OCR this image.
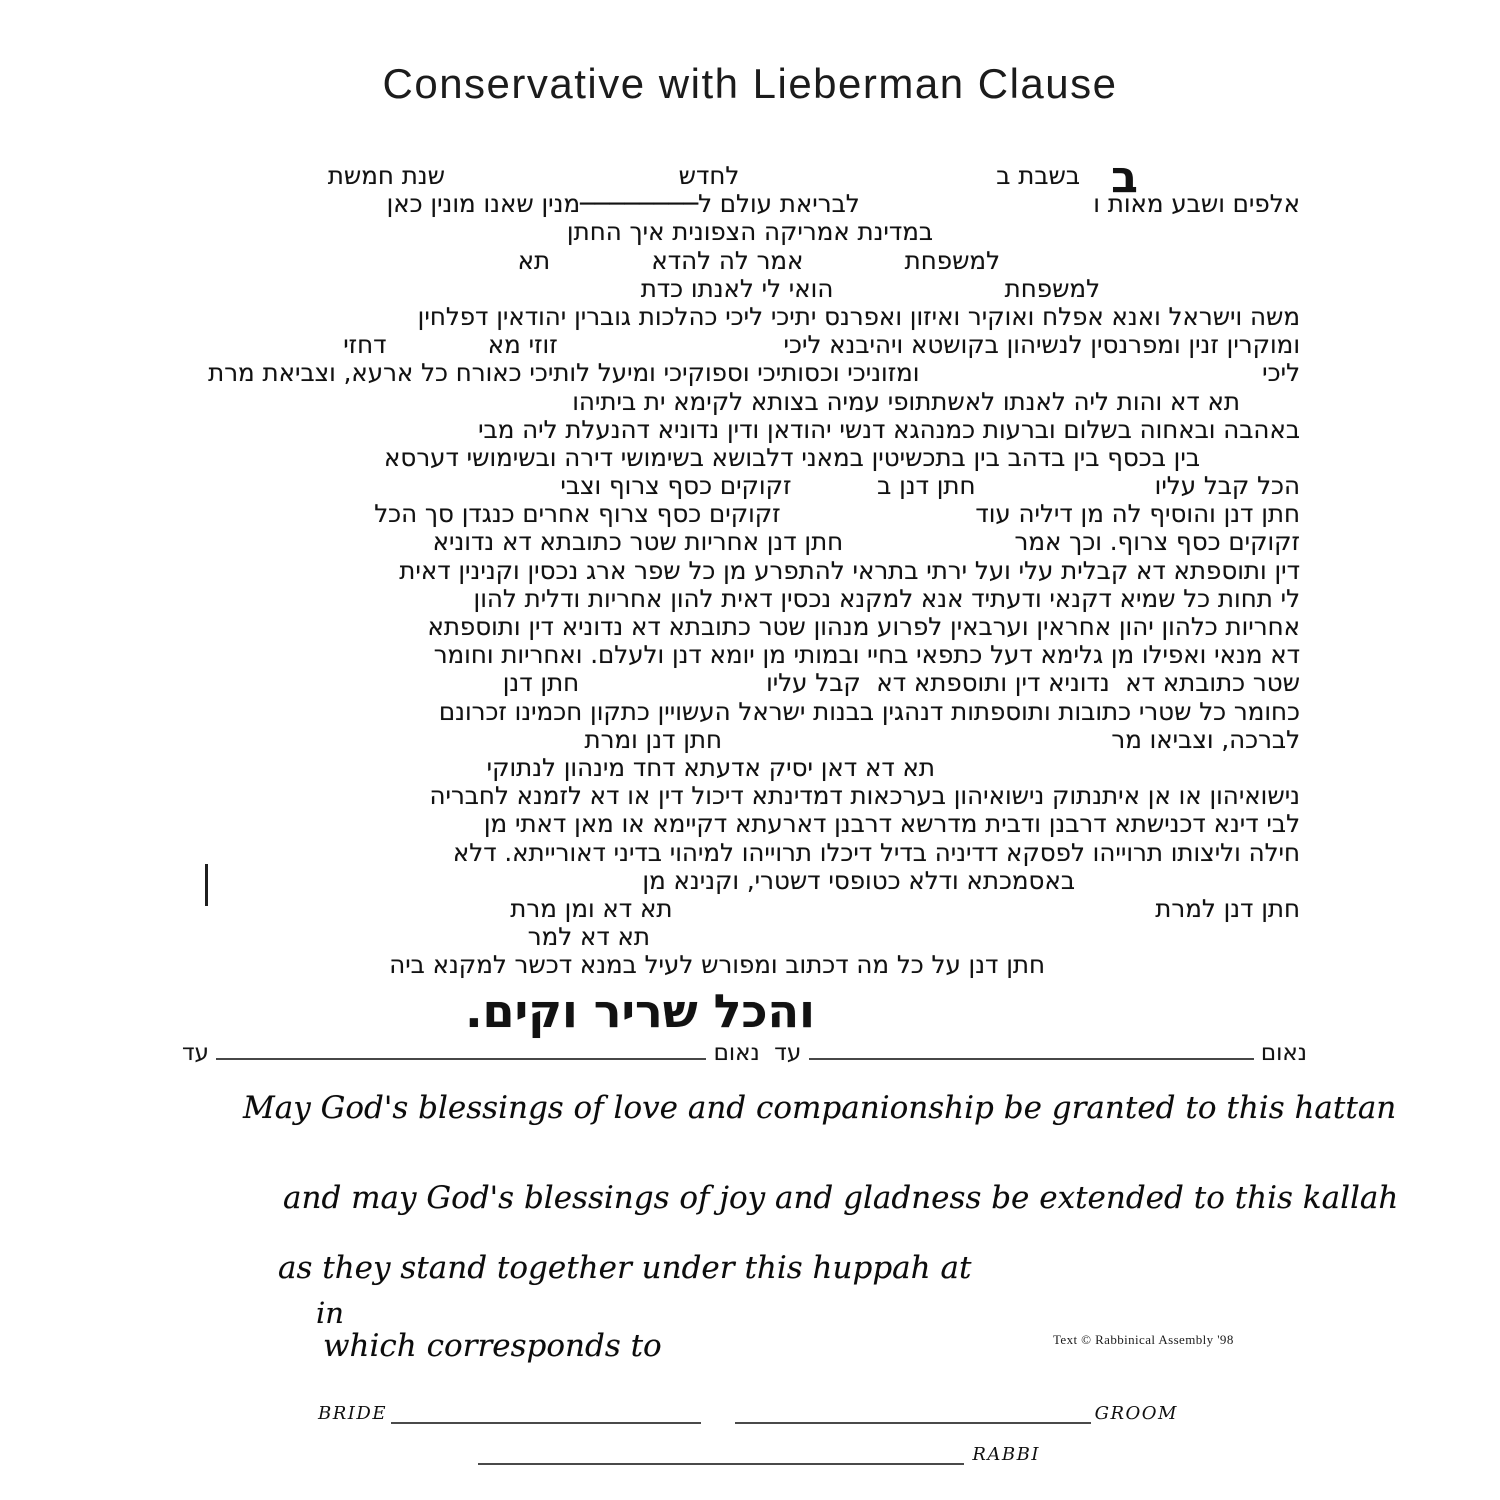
Conservative with Lieberman Clause
ב    בשבת ב                                 לחדש                              שנת חמשת
אלפים ושבע מאות ו                              לבריאת עולם ל────────מנין שאנו מונין כאן
במדינת אמריקה הצפונית איך החתן
למשפחת             אמר לה להדא             תא
למשפחת                      הואי לי לאנתו כדת
משה וישראל ואנא אפלח ואוקיר ואיזון ואפרנס יתיכי ליכי כהלכות גוברין יהודאין דפלחין
ומוקרין זנין ומפרנסין לנשיהון בקושטא ויהיבנא ליכי                             זוזי מא             דחזי
ליכי                                            ומזוניכי וכסותיכי וספוקיכי ומיעל לותיכי כאורח כל ארעא, וצביאת מרת
תא דא והות ליה לאנתו לאשתתופי עמיה בצותא לקימא ית ביתיהו
באהבה ובאחוה בשלום וברעות כמנהגא דנשי יהודאן ודין נדוניא דהנעלת ליה מבי
בין בכסף בין בדהב בין בתכשיטין במאני דלבושא בשימושי דירה ובשימושי דערסא
הכל קבל עליו                       חתן דנן ב           זקוקים כסף צרוף וצבי
חתן דנן והוסיף לה מן דיליה עוד                         זקוקים כסף צרוף אחרים כנגדן סך הכל
זקוקים כסף צרוף. וכך אמר                      חתן דנן אחריות שטר כתובתא דא נדוניא
דין ותוספתא דא קבלית עלי ועל ירתי בתראי להתפרע מן כל שפר ארג נכסין וקנינין דאית
לי תחות כל שמיא דקנאי ודעתיד אנא למקנא נכסין דאית להון אחריות ודלית להון
אחריות כלהון יהון אחראין וערבאין לפרוע מנהון שטר כתובתא דא נדוניא דין ותוספתא
דא מנאי ואפילו מן גלימא דעל כתפאי בחיי ובמותי מן יומא דנן ולעלם. ואחריות וחומר
שטר כתובתא דא  נדוניא דין ותוספתא דא  קבל עליו                        חתן דנן
כחומר כל שטרי כתובות ותוספתות דנהגין בבנות ישראל העשויין כתקון חכמינו זכרונם
לברכה, וצביאו מר                                                  חתן דנן ומרת
תא דא דאן יסיק אדעתא דחד מינהון לנתוקי
נישואיהון או אן איתנתוק נישואיהון בערכאות דמדינתא דיכול דין או דא לזמנא לחבריה
לבי דינא דכנישתא דרבנן ודבית מדרשא דרבנן דארעתא דקיימא או מאן דאתי מן
חילה וליצותו תרוייהו לפסקא דדיניה בדיל דיכלו תרוייהו למיהוי בדיני דאורייתא. דלא
באסמכתא ודלא כטופסי דשטרי, וקנינא מן
חתן דנן למרת                                                              תא דא ומן מרת
תא דא למר
חתן דנן על כל מה דכתוב ומפורש לעיל במנא דכשר למקנא ביה
והכל שריר וקים.
נאום  עד  נאום  עד
May God's blessings of love and companionship be granted to this hattan
and may God's blessings of joy and gladness be extended to this kallah
as they stand together under this huppah at
in
which corresponds to	Text © Rabbinical Assembly '98
BRIDE	GROOM
RABBI
